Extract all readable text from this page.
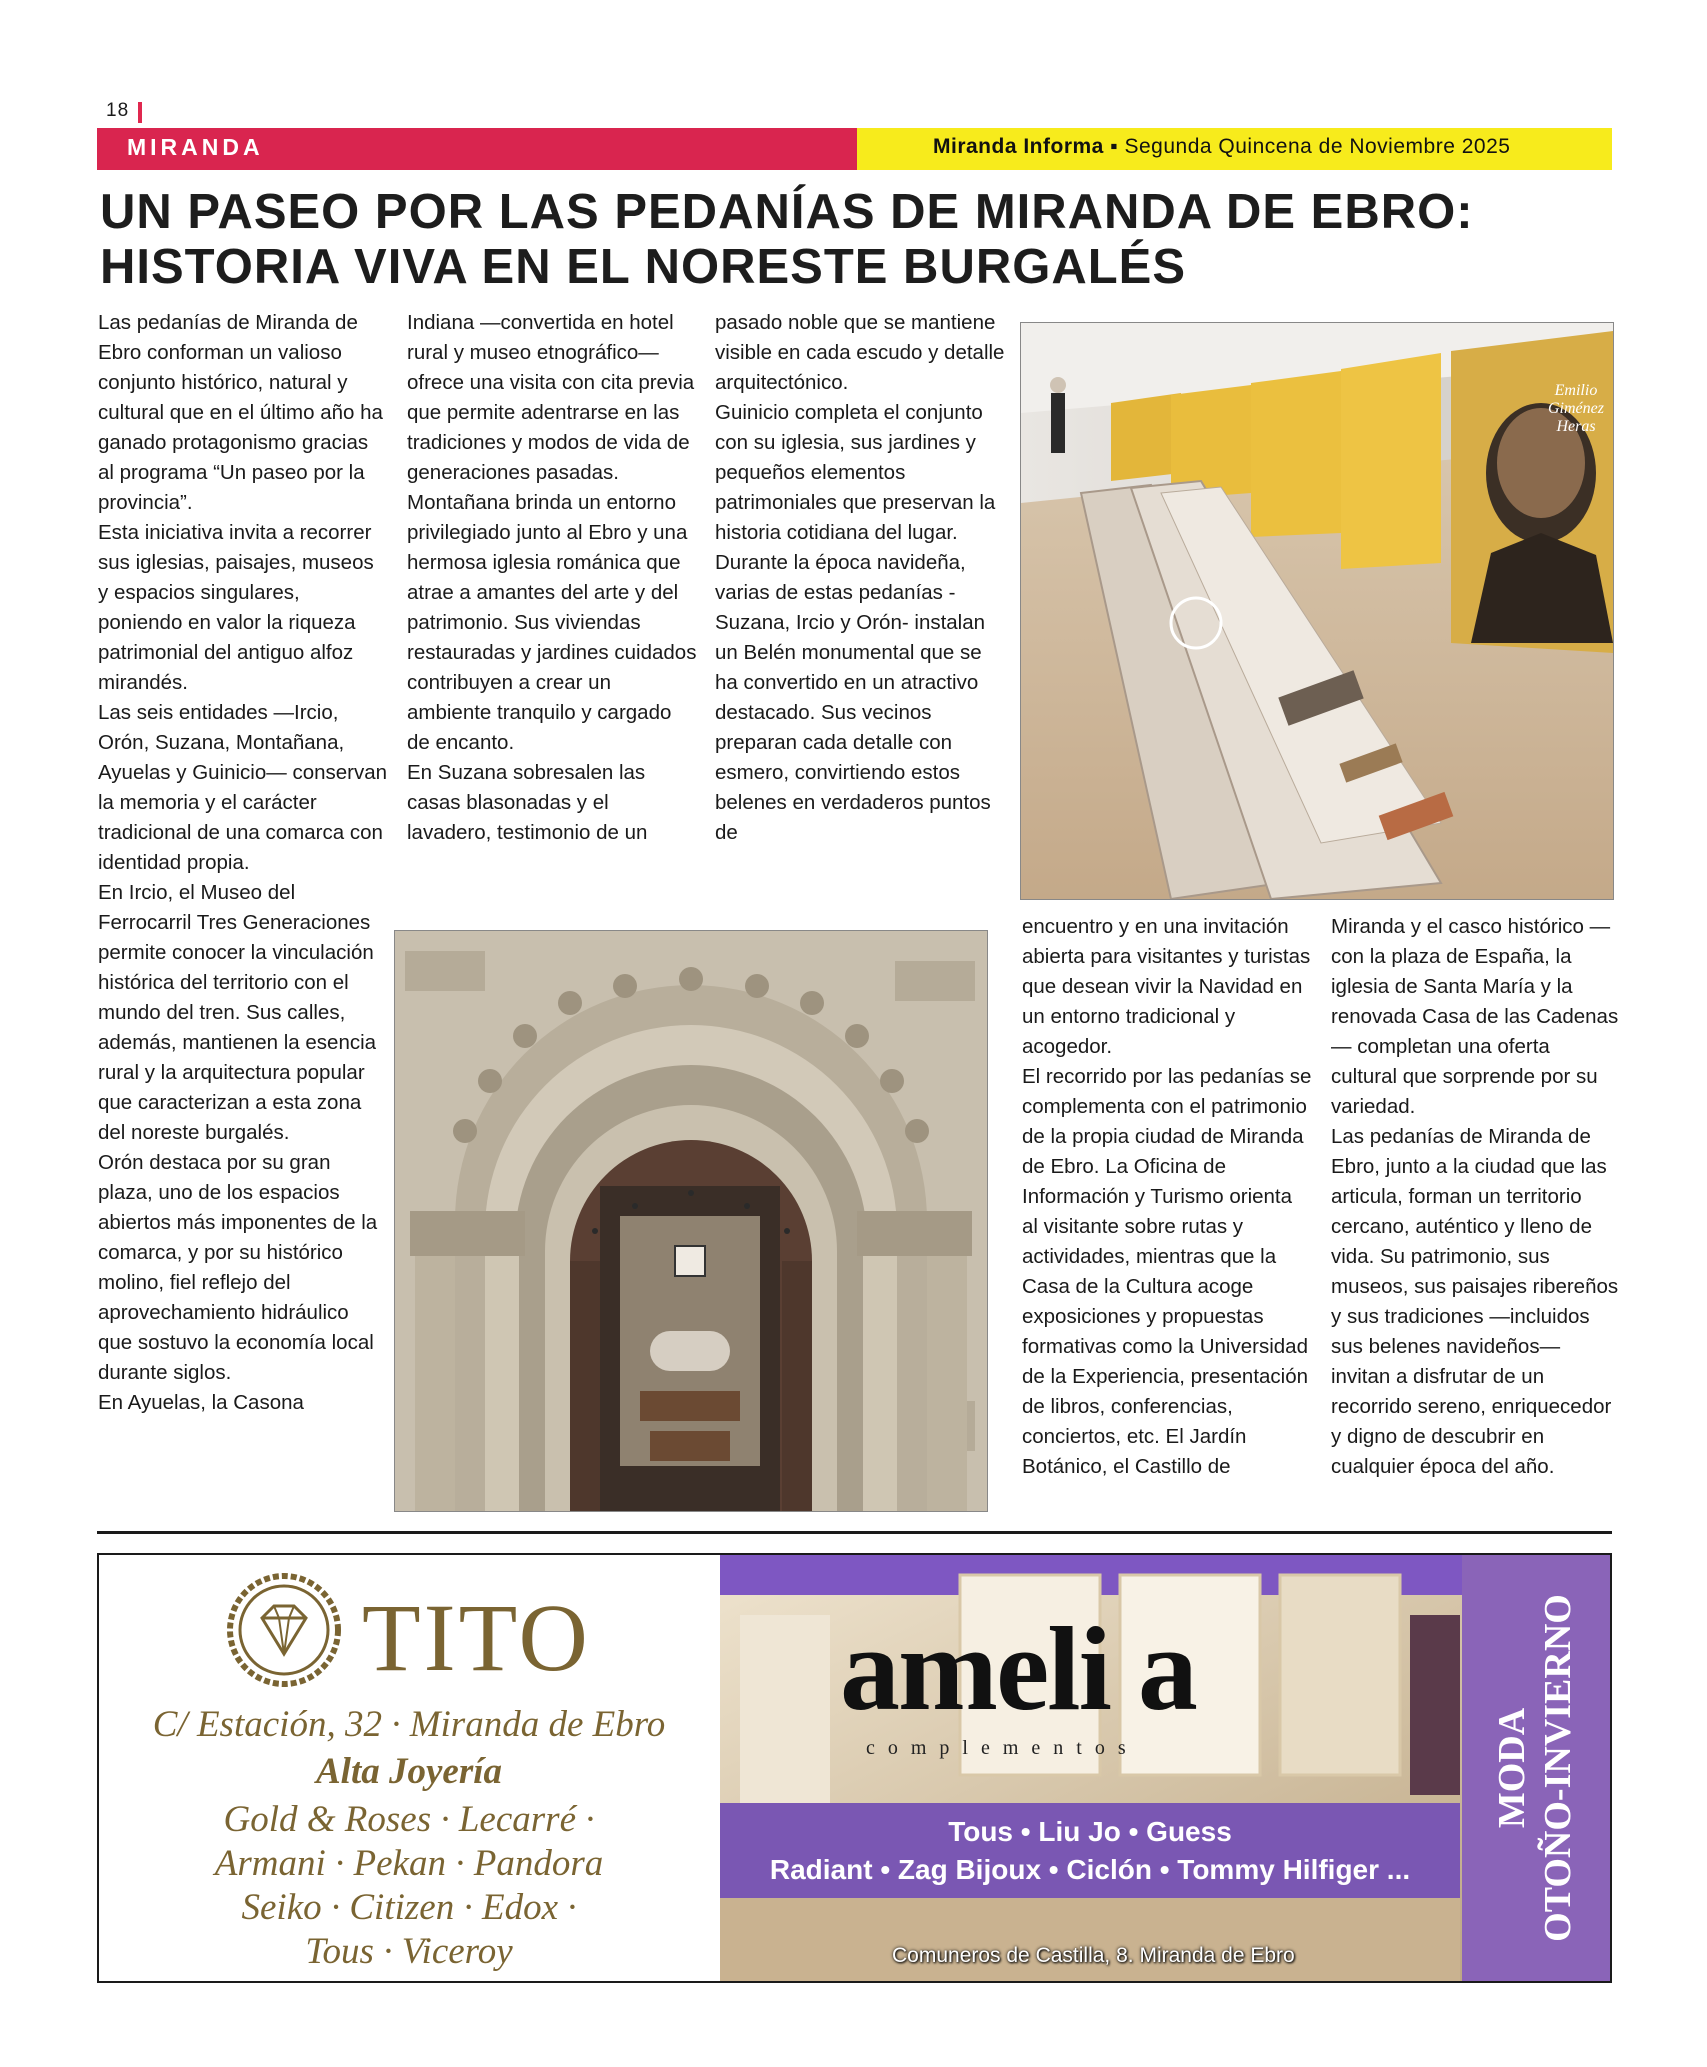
18
MIRANDA	Miranda Informa ▪ Segunda Quincena de Noviembre 2025
UN PASEO POR LAS PEDANÍAS DE MIRANDA DE EBRO: HISTORIA VIVA EN EL NORESTE BURGALÉS

Las pedanías de Miranda de Ebro conforman un valioso conjunto histórico, natural y cultural que en el último año ha ganado protagonismo gracias al programa “Un paseo por la provincia”.

Esta iniciativa invita a recorrer sus iglesias, paisajes, museos y espacios singulares, poniendo en valor la riqueza patrimonial del antiguo alfoz mirandés.

Las seis entidades —Ircio, Orón, Suzana, Montañana, Ayuelas y Guinicio— conservan la memoria y el carácter tradicional de una comarca con identidad propia.

En Ircio, el Museo del Ferrocarril Tres Generaciones permite conocer la vinculación histórica del territorio con el mundo del tren. Sus calles, además, mantienen la esencia rural y la arquitectura popular que caracterizan a esta zona del noreste burgalés.

Orón destaca por su gran plaza, uno de los espacios abiertos más imponentes de la comarca, y por su histórico molino, fiel reflejo del aprovechamiento hidráulico que sostuvo la economía local durante siglos.

En Ayuelas, la Casona

Indiana —convertida en hotel rural y museo etnográfico— ofrece una visita con cita previa que permite adentrarse en las tradiciones y modos de vida de generaciones pasadas.

Montañana brinda un entorno privilegiado junto al Ebro y una hermosa iglesia románica que atrae a amantes del arte y del patrimonio. Sus viviendas restauradas y jardines cuidados contribuyen a crear un ambiente tranquilo y cargado de encanto.

En Suzana sobresalen las casas blasonadas y el lavadero, testimonio de un

pasado noble que se mantiene visible en cada escudo y detalle arquitectónico.

Guinicio completa el conjunto con su iglesia, sus jardines y pequeños elementos patrimoniales que preservan la historia cotidiana del lugar.

Durante la época navideña, varias de estas pedanías - Suzana, Ircio y Orón- instalan un Belén monumental que se ha convertido en un atractivo destacado. Sus vecinos preparan cada detalle con esmero, convirtiendo estos belenes en verdaderos puntos de

encuentro y en una invitación abierta para visitantes y turistas que desean vivir la Navidad en un entorno tradicional y acogedor.

El recorrido por las pedanías se complementa con el patrimonio de la propia ciudad de Miranda de Ebro. La Oficina de Información y Turismo orienta al visitante sobre rutas y actividades, mientras que la Casa de la Cultura acoge exposiciones y propuestas formativas como la Universidad de la Experiencia, presentación de libros, conferencias, conciertos, etc. El Jardín Botánico, el Castillo de

Miranda y el casco histórico —con la plaza de España, la iglesia de Santa María y la renovada Casa de las Cadenas— completan una oferta cultural que sorprende por su variedad.

Las pedanías de Miranda de Ebro, junto a la ciudad que las articula, forman un territorio cercano, auténtico y lleno de vida. Su patrimonio, sus museos, sus paisajes ribereños y sus tradiciones —incluidos sus belenes navideños— invitan a disfrutar de un recorrido sereno, enriquecedor y digno de descubrir en cualquier época del año.

Emilio
Giménez
Heras
TITO
C/ Estación, 32 · Miranda de Ebro
Alta Joyería
Gold & Roses · Lecarré ·
Armani · Pekan · Pandora
Seiko · Citizen · Edox ·
Tous · Viceroy
ameli a
complementos
Tous • Liu Jo • Guess
Radiant • Zag Bijoux • Ciclón • Tommy Hilfiger ...
Comuneros de Castilla, 8. Miranda de Ebro
MODA OTOÑO-INVIERNO
